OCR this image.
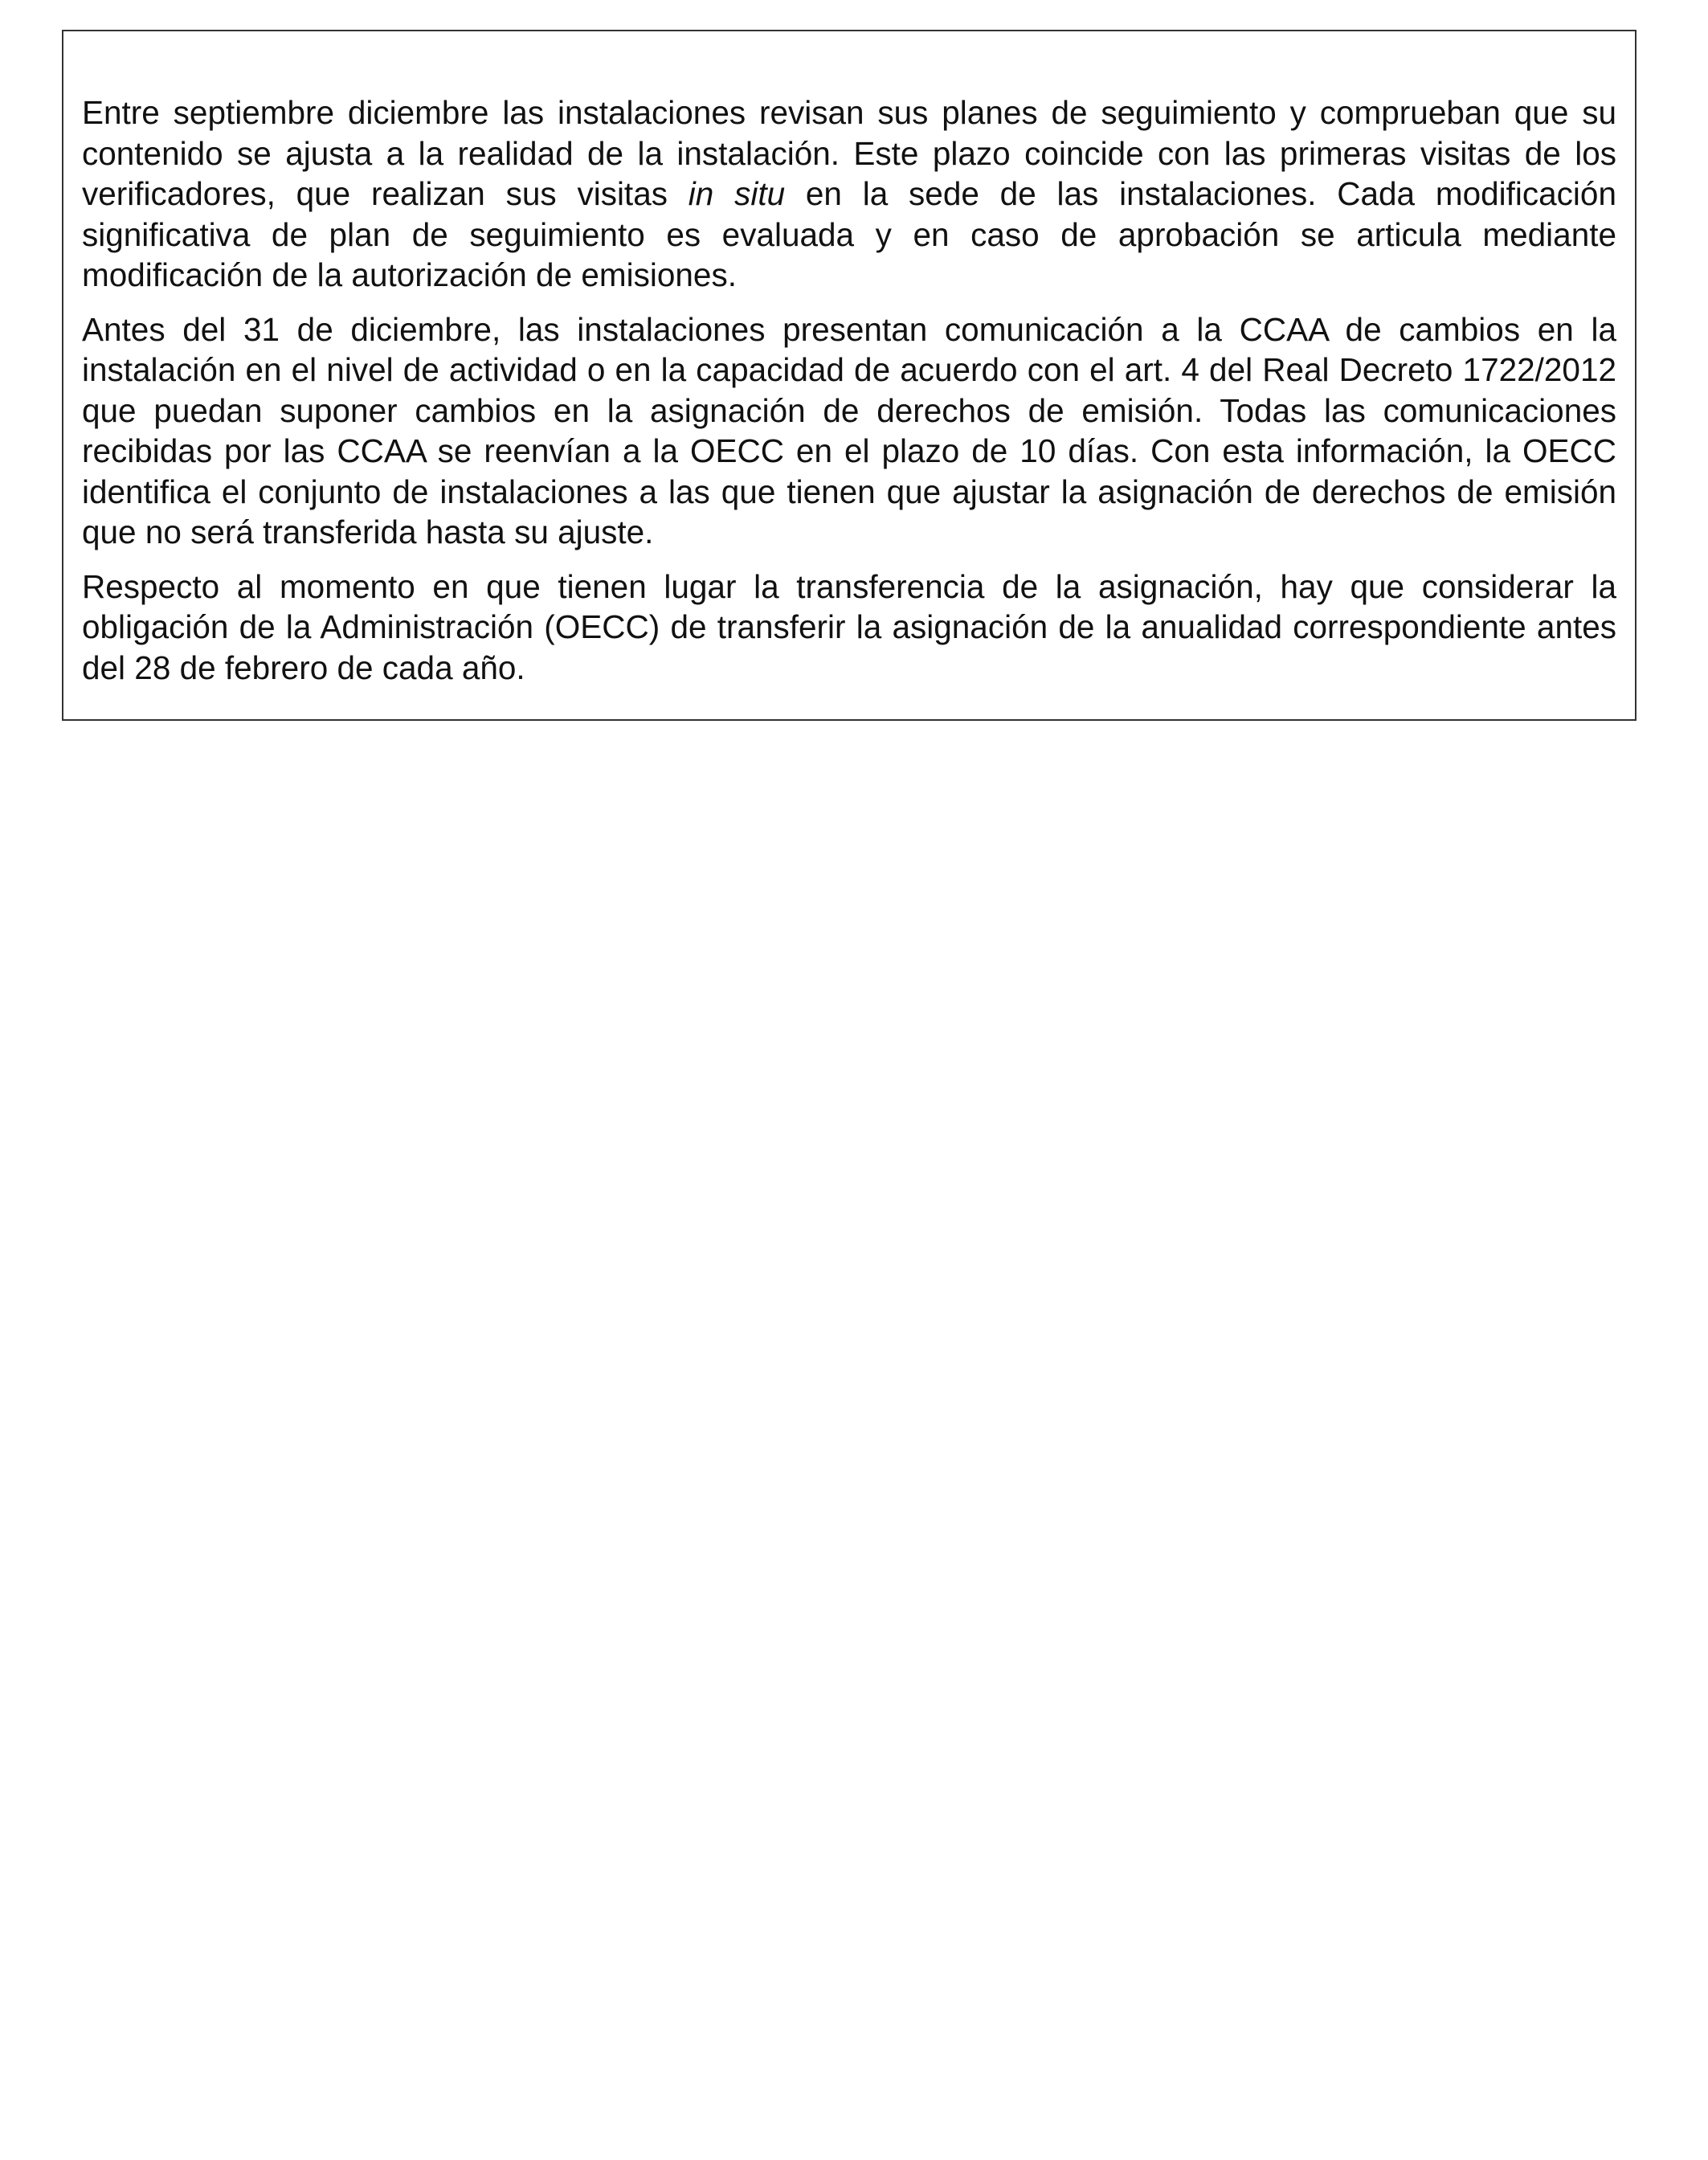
Entre septiembre diciembre las instalaciones revisan sus planes de seguimiento y comprueban que su contenido se ajusta a la realidad de la instalación. Este plazo coincide con las primeras visitas de los verificadores, que realizan sus visitas in situ en la sede de las instalaciones. Cada modificación significativa de plan de seguimiento es evaluada y en caso de aprobación se articula mediante modificación de la autorización de emisiones.

Antes del 31 de diciembre, las instalaciones presentan comunicación a la CCAA de cambios en la instalación en el nivel de actividad o en la capacidad de acuerdo con el art. 4 del Real Decreto 1722/2012 que puedan suponer cambios en la asignación de derechos de emisión. Todas las comunicaciones recibidas por las CCAA se reenvían a la OECC en el plazo de 10 días. Con esta información, la OECC identifica el conjunto de instalaciones a las que tienen que ajustar la asignación de derechos de emisión que no será transferida hasta su ajuste.

Respecto al momento en que tienen lugar la transferencia de la asignación, hay que considerar la obligación de la Administración (OECC) de transferir la asignación de la anualidad correspondiente antes del 28 de febrero de cada año.
